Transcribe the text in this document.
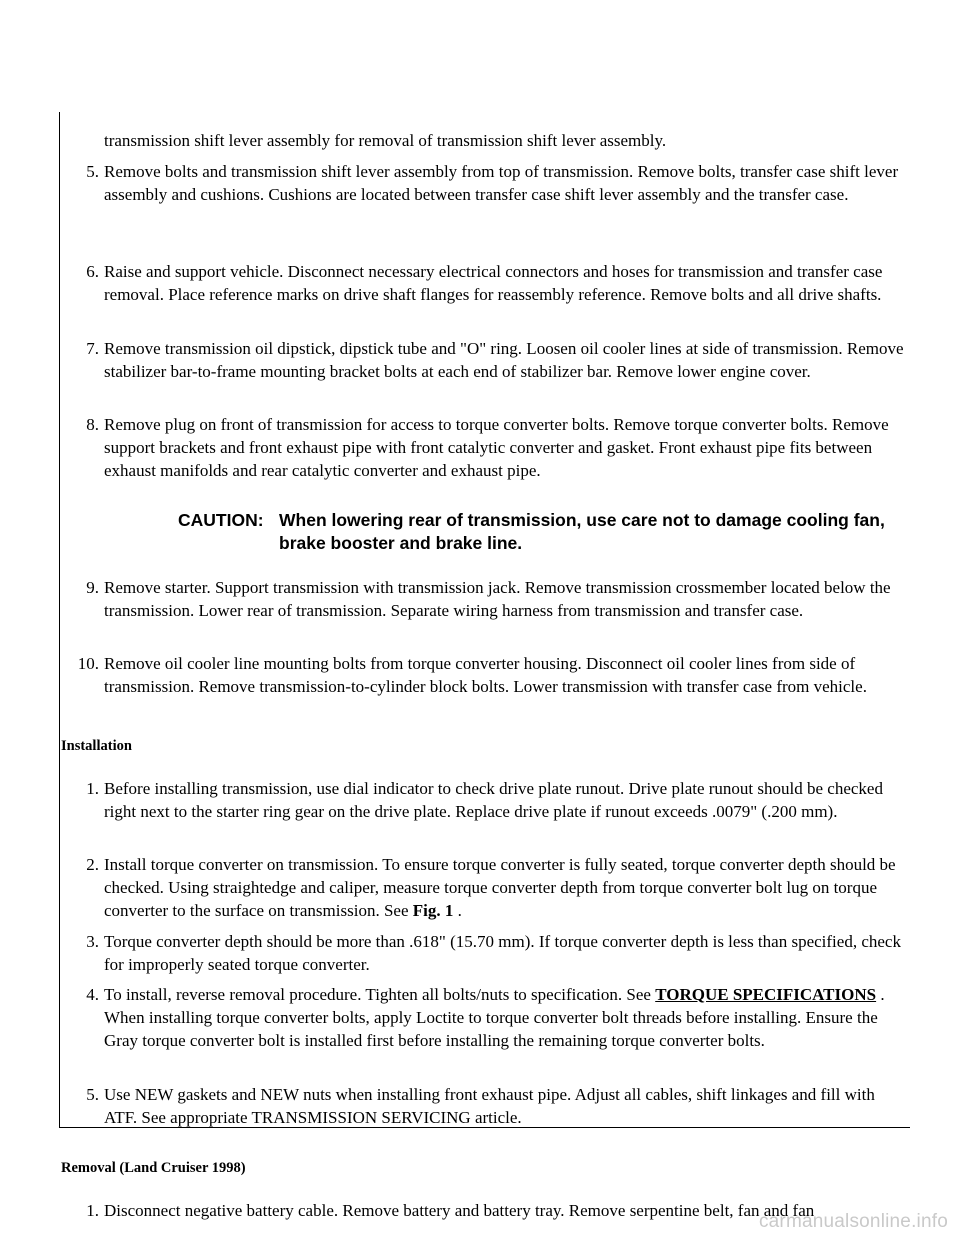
transmission shift lever assembly for removal of transmission shift lever assembly.
5 . Remove bolts and transmission shift lever assembly from top of transmission. Remove bolts, transfer case shift lever assembly and cushions. Cushions are located between transfer case shift lever assembly and the transfer case.
6 . Raise and support vehicle. Disconnect necessary electrical connectors and hoses for transmission and transfer case removal. Place reference marks on drive shaft flanges for reassembly reference. Remove bolts and all drive shafts.
7 . Remove transmission oil dipstick, dipstick tube and "O" ring. Loosen oil cooler lines at side of transmission. Remove stabilizer bar-to-frame mounting bracket bolts at each end of stabilizer bar. Remove lower engine cover.
8 . Remove plug on front of transmission for access to torque converter bolts. Remove torque converter bolts. Remove support brackets and front exhaust pipe with front catalytic converter and gasket. Front exhaust pipe fits between exhaust manifolds and rear catalytic converter and exhaust pipe.
CAUTION: When lowering rear of transmission, use care not to damage cooling fan, brake booster and brake line.
9 . Remove starter. Support transmission with transmission jack. Remove transmission crossmember located below the transmission. Lower rear of transmission. Separate wiring harness from transmission and transfer case.
10 . Remove oil cooler line mounting bolts from torque converter housing. Disconnect oil cooler lines from side of transmission. Remove transmission-to-cylinder block bolts. Lower transmission with transfer case from vehicle.
Installation
1 . Before installing transmission, use dial indicator to check drive plate runout. Drive plate runout should be checked right next to the starter ring gear on the drive plate. Replace drive plate if runout exceeds .0079" (.200 mm).
2 . Install torque converter on transmission. To ensure torque converter is fully seated, torque converter depth should be checked. Using straightedge and caliper, measure torque converter depth from torque converter bolt lug on torque converter to the surface on transmission. See Fig. 1 .
3 . Torque converter depth should be more than .618" (15.70 mm). If torque converter depth is less than specified, check for improperly seated torque converter.
4 . To install, reverse removal procedure. Tighten all bolts/nuts to specification. See TORQUE SPECIFICATIONS . When installing torque converter bolts, apply Loctite to torque converter bolt threads before installing. Ensure the Gray torque converter bolt is installed first before installing the remaining torque converter bolts.
5 . Use NEW gaskets and NEW nuts when installing front exhaust pipe. Adjust all cables, shift linkages and fill with ATF. See appropriate TRANSMISSION SERVICING article.
Removal (Land Cruiser 1998)
1 . Disconnect negative battery cable. Remove battery and battery tray. Remove serpentine belt, fan and fan
carmanualsonline.info
